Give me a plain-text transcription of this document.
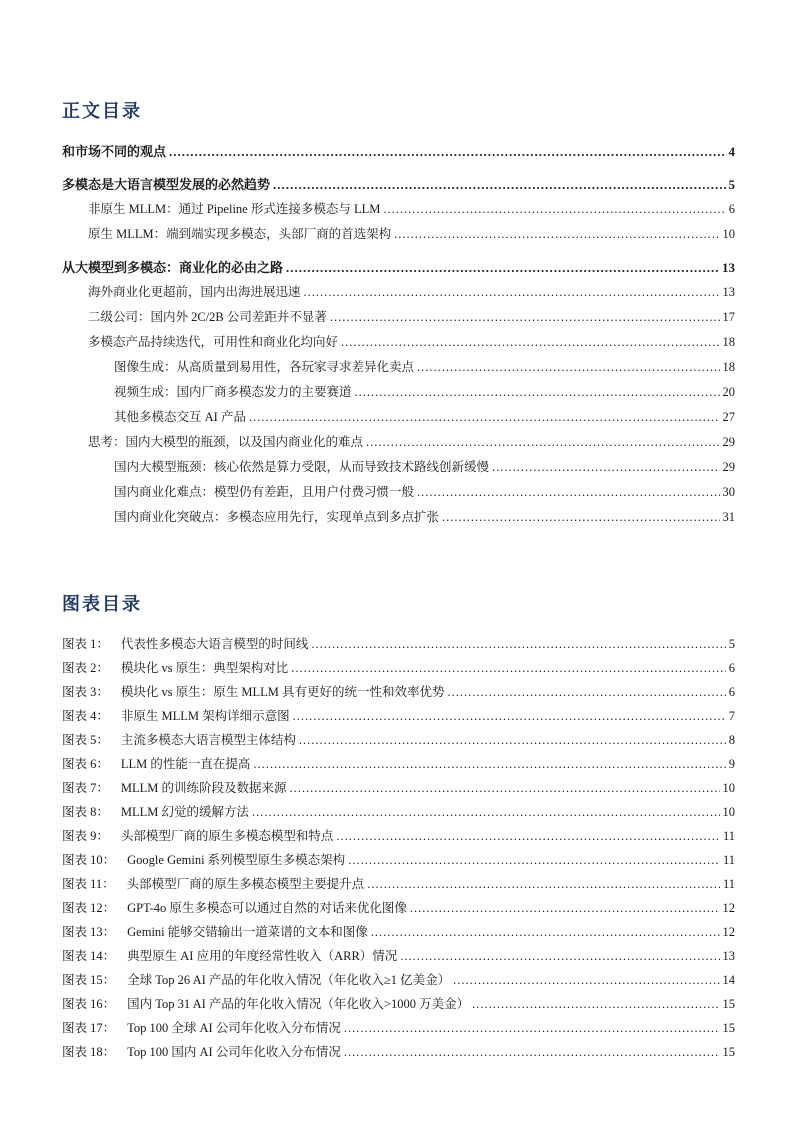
正文目录
和市场不同的观点 .....	4
多模态是大语言模型发展的必然趋势 .....	5
非原生 MLLM：通过 Pipeline 形式连接多模态与 LLM .....	6
原生 MLLM：端到端实现多模态，头部厂商的首选架构 .....	10
从大模型到多模态：商业化的必由之路 .....	13
海外商业化更超前，国内出海进展迅速 .....	13
二级公司：国内外 2C/2B 公司差距并不显著 .....	17
多模态产品持续迭代，可用性和商业化均向好 .....	18
图像生成：从高质量到易用性，各玩家寻求差异化卖点 .....	18
视频生成：国内厂商多模态发力的主要赛道 .....	20
其他多模态交互 AI 产品 .....	27
思考：国内大模型的瓶颈，以及国内商业化的难点 .....	29
国内大模型瓶颈：核心依然是算力受限，从而导致技术路线创新缓慢 .....	29
国内商业化难点：模型仍有差距，且用户付费习惯一般 .....	30
国内商业化突破点：多模态应用先行，实现单点到多点扩张 .....	31
图表目录
图表 1： 代表性多模态大语言模型的时间线 .....	5
图表 2： 模块化 vs 原生：典型架构对比 .....	6
图表 3： 模块化 vs 原生：原生 MLLM 具有更好的统一性和效率优势 .....	6
图表 4： 非原生 MLLM 架构详细示意图 .....	7
图表 5： 主流多模态大语言模型主体结构 .....	8
图表 6： LLM 的性能一直在提高 .....	9
图表 7： MLLM 的训练阶段及数据来源 .....	10
图表 8： MLLM 幻觉的缓解方法 .....	10
图表 9： 头部模型厂商的原生多模态模型和特点 .....	11
图表 10： Google Gemini 系列模型原生多模态架构 .....	11
图表 11： 头部模型厂商的原生多模态模型主要提升点 .....	11
图表 12： GPT-4o 原生多模态可以通过自然的对话来优化图像 .....	12
图表 13： Gemini 能够交错输出一道菜谱的文本和图像 .....	12
图表 14： 典型原生 AI 应用的年度经常性收入（ARR）情况 .....	13
图表 15： 全球 Top 26 AI 产品的年化收入情况（年化收入≥1 亿美金） .....	14
图表 16： 国内 Top 31 AI 产品的年化收入情况（年化收入>1000 万美金） .....	15
图表 17： Top 100 全球 AI 公司年化收入分布情况 .....	15
图表 18： Top 100 国内 AI 公司年化收入分布情况 .....	15
